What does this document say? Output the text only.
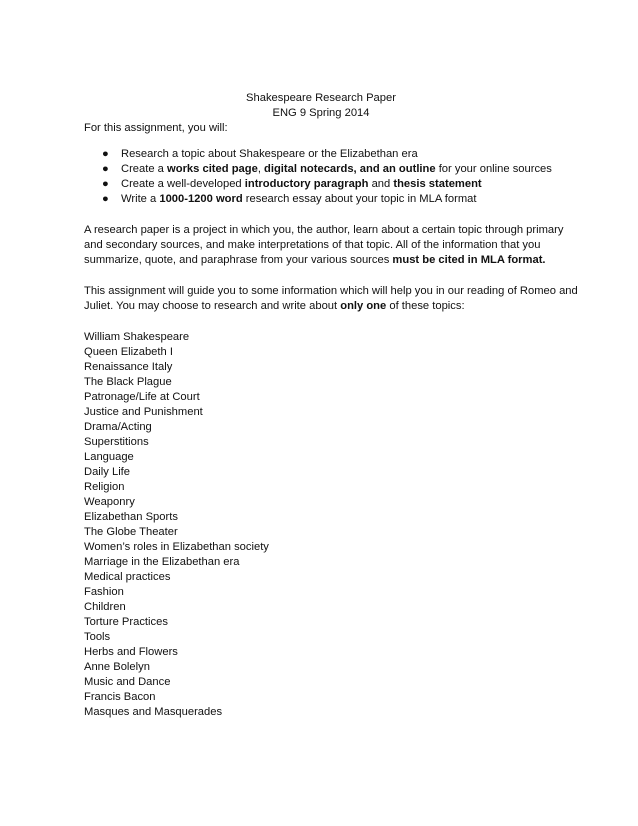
Shakespeare Research Paper

ENG 9 Spring 2014

For this assignment, you will:

● Research a topic about Shakespeare or the Elizabethan era
● Create a works cited page, digital notecards, and an outline for your online sources
● Create a well-developed introductory paragraph and thesis statement
● Write a 1000-1200 word research essay about your topic in MLA format

A research paper is a project in which you, the author, learn about a certain topic through primary and secondary sources, and make interpretations of that topic. All of the information that you summarize, quote, and paraphrase from your various sources must be cited in MLA format.

This assignment will guide you to some information which will help you in our reading of Romeo and Juliet. You may choose to research and write about only one of these topics:

William Shakespeare
Queen Elizabeth I
Renaissance Italy
The Black Plague
Patronage/Life at Court
Justice and Punishment
Drama/Acting
Superstitions
Language
Daily Life
Religion
Weaponry
Elizabethan Sports
The Globe Theater
Women’s roles in Elizabethan society
Marriage in the Elizabethan era
Medical practices
Fashion
Children
Torture Practices
Tools
Herbs and Flowers
Anne Bolelyn
Music and Dance
Francis Bacon
Masques and Masquerades
